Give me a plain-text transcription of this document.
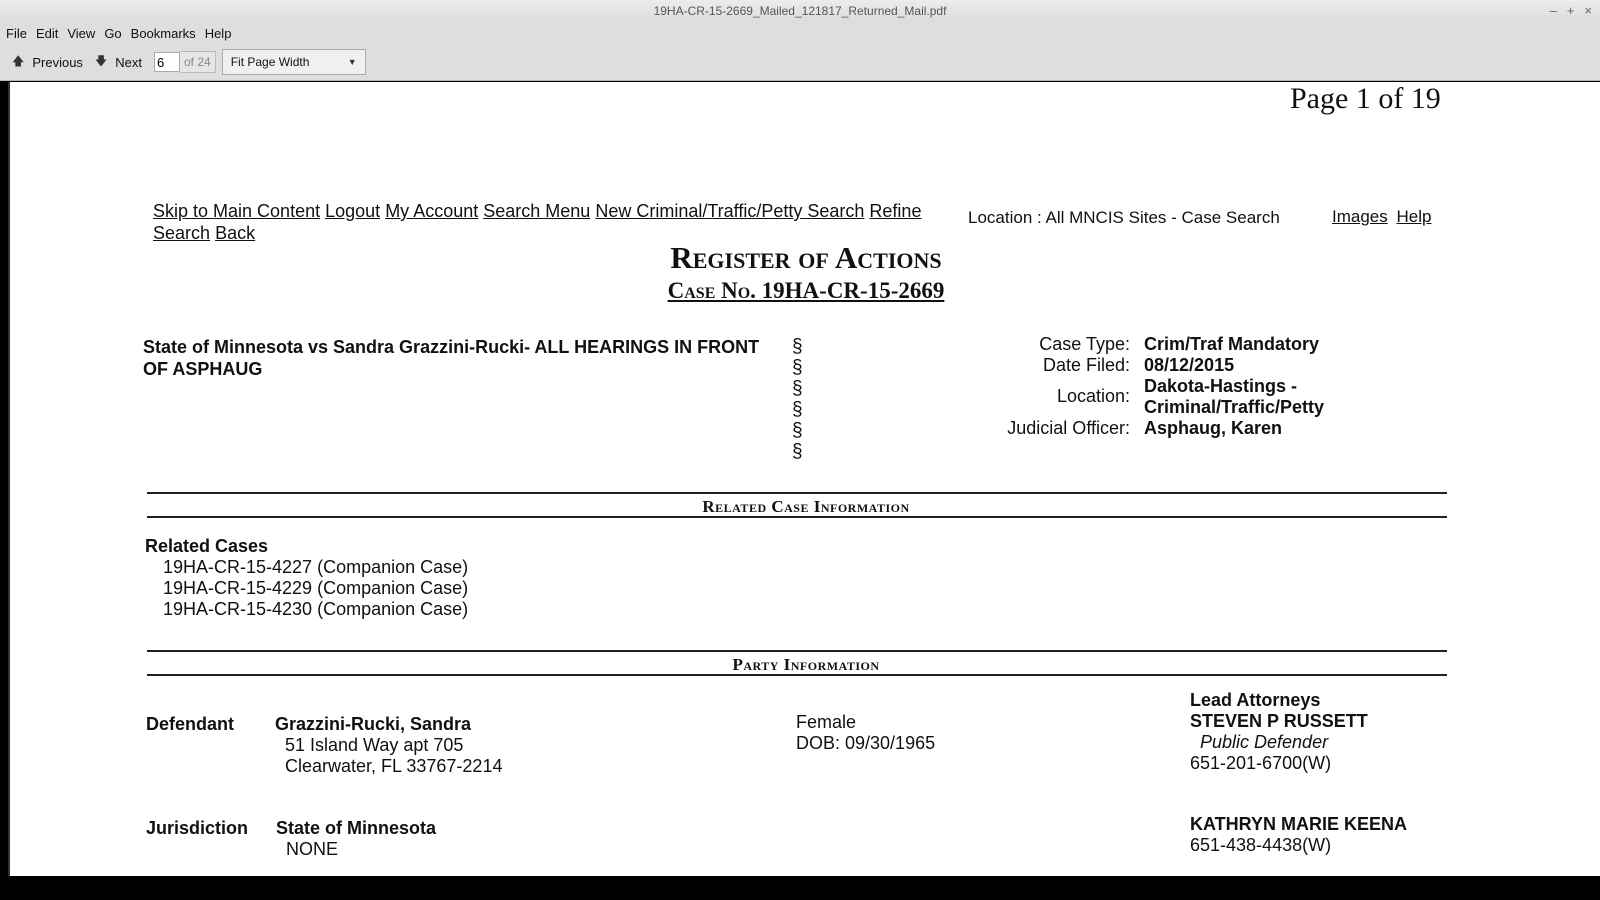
19HA-CR-15-2669_Mailed_121817_Returned_Mail.pdf	– + ×
File Edit View Go Bookmarks Help
🡅 Previous 🡇 Next
6	of 24	Fit Page Width	▼
Page 1 of 19
Skip to Main Content Logout My Account Search Menu New Criminal/Traffic/Petty Search Refine Search Back
Location : All MNCIS Sites - Case Search	Images Help
Register of Actions
Case No. 19HA-CR-15-2669
State of Minnesota vs Sandra Grazzini-Rucki- ALL HEARINGS IN FRONT OF ASPHAUG
§
§
§
§
§
§
Case Type: Crim/Traf Mandatory
Date Filed: 08/12/2015
Location: Dakota-Hastings - Criminal/Traffic/Petty
Judicial Officer: Asphaug, Karen
Related Case Information
Related Cases
19HA-CR-15-4227 (Companion Case)
19HA-CR-15-4229 (Companion Case)
19HA-CR-15-4230 (Companion Case)
Party Information
Defendant Grazzini-Rucki, Sandra
51 Island Way apt 705
Clearwater, FL 33767-2214
Female
DOB: 09/30/1965
Lead Attorneys
STEVEN P RUSSETT
Public Defender
651-201-6700(W)
Jurisdiction State of Minnesota
NONE
KATHRYN MARIE KEENA
651-438-4438(W)
